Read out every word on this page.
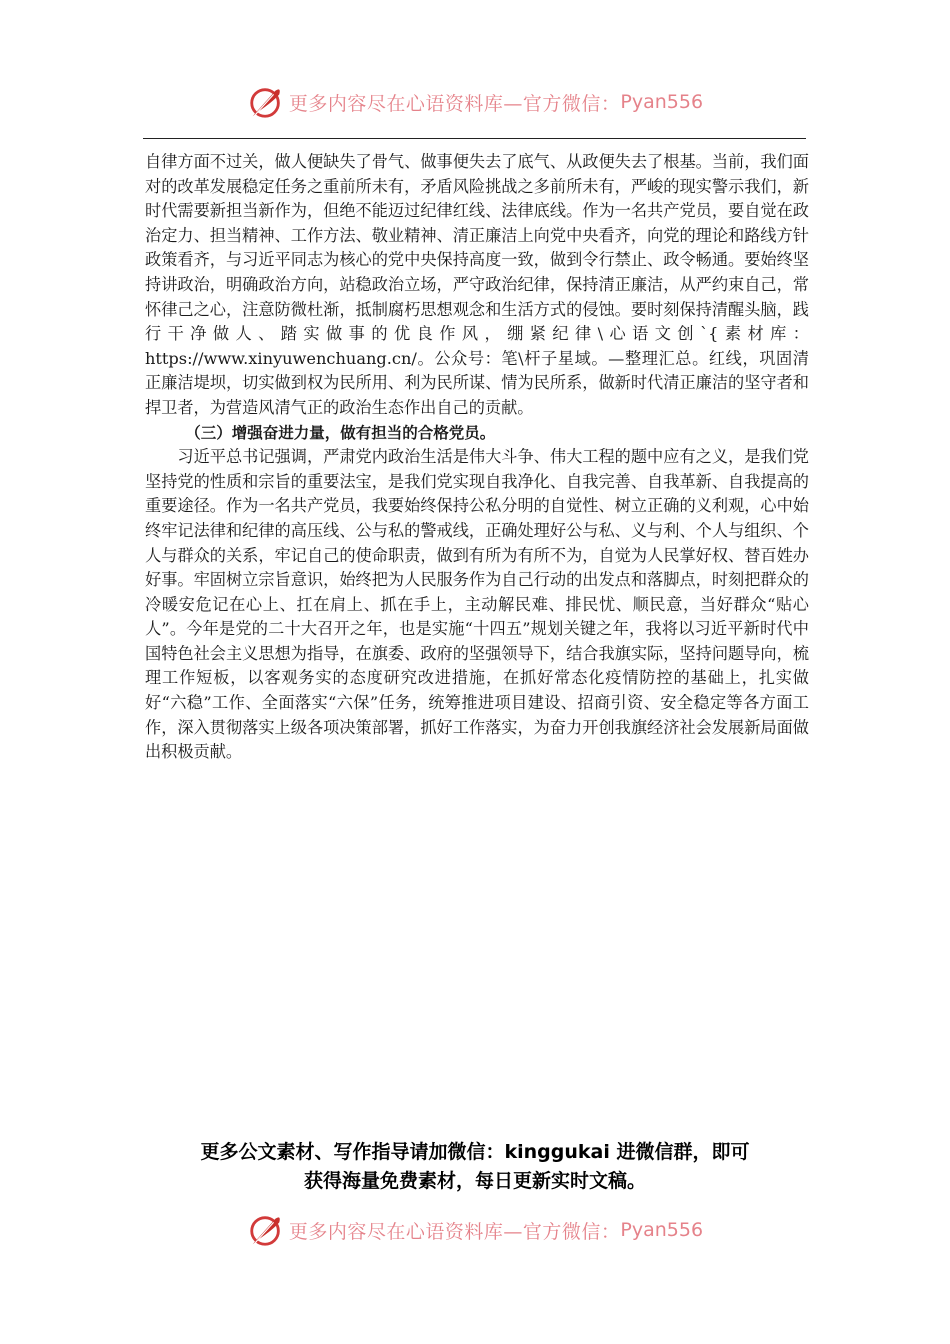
更多内容尽在心语资料库—官方微信： Pyan556

自律方面不过关，做人便缺失了骨气、做事便失去了底气、从政便失去了根基。当前，我们面对的改革发展稳定任务之重前所未有，矛盾风险挑战之多前所未有，严峻的现实警示我们，新时代需要新担当新作为，但绝不能迈过纪律红线、法律底线。作为一名共产党员，要自觉在政治定力、担当精神、工作方法、敬业精神、清正廉洁上向党中央看齐，向党的理论和路线方针政策看齐，与习近平同志为核心的党中央保持高度一致，做到令行禁止、政令畅通。要始终坚持讲政治，明确政治方向，站稳政治立场，严守政治纪律，保持清正廉洁，从严约束自己，常怀律己之心，注意防微杜渐，抵制腐朽思想观念和生活方式的侵蚀。要时刻保持清醒头脑，践行干净做人、踏实做事的优良作风，绷紧纪律\心语文创`{素材库：https://www.xinyuwenchuang.cn/。公众号：笔\杆子星域。—整理汇总。红线，巩固清正廉洁堤坝，切实做到权为民所用、利为民所谋、情为民所系，做新时代清正廉洁的坚守者和捍卫者，为营造风清气正的政治生态作出自己的贡献。

（三）增强奋进力量，做有担当的合格党员。

习近平总书记强调，严肃党内政治生活是伟大斗争、伟大工程的题中应有之义，是我们党坚持党的性质和宗旨的重要法宝，是我们党实现自我净化、自我完善、自我革新、自我提高的重要途径。作为一名共产党员，我要始终保持公私分明的自觉性、树立正确的义利观，心中始终牢记法律和纪律的高压线、公与私的警戒线，正确处理好公与私、义与利、个人与组织、个人与群众的关系，牢记自己的使命职责，做到有所为有所不为，自觉为人民掌好权、替百姓办好事。牢固树立宗旨意识，始终把为人民服务作为自己行动的出发点和落脚点，时刻把群众的冷暖安危记在心上、扛在肩上、抓在手上，主动解民难、排民忧、顺民意，当好群众“贴心人”。今年是党的二十大召开之年，也是实施“十四五”规划关键之年，我将以习近平新时代中国特色社会主义思想为指导，在旗委、政府的坚强领导下，结合我旗实际，坚持问题导向，梳理工作短板，以客观务实的态度研究改进措施，在抓好常态化疫情防控的基础上，扎实做好“六稳”工作、全面落实“六保”任务，统筹推进项目建设、招商引资、安全稳定等各方面工作，深入贯彻落实上级各项决策部署，抓好工作落实，为奋力开创我旗经济社会发展新局面做出积极贡献。

更多公文素材、写作指导请加微信：kinggukai 进微信群，即可
获得海量免费素材，每日更新实时文稿。
更多内容尽在心语资料库—官方微信： Pyan556
